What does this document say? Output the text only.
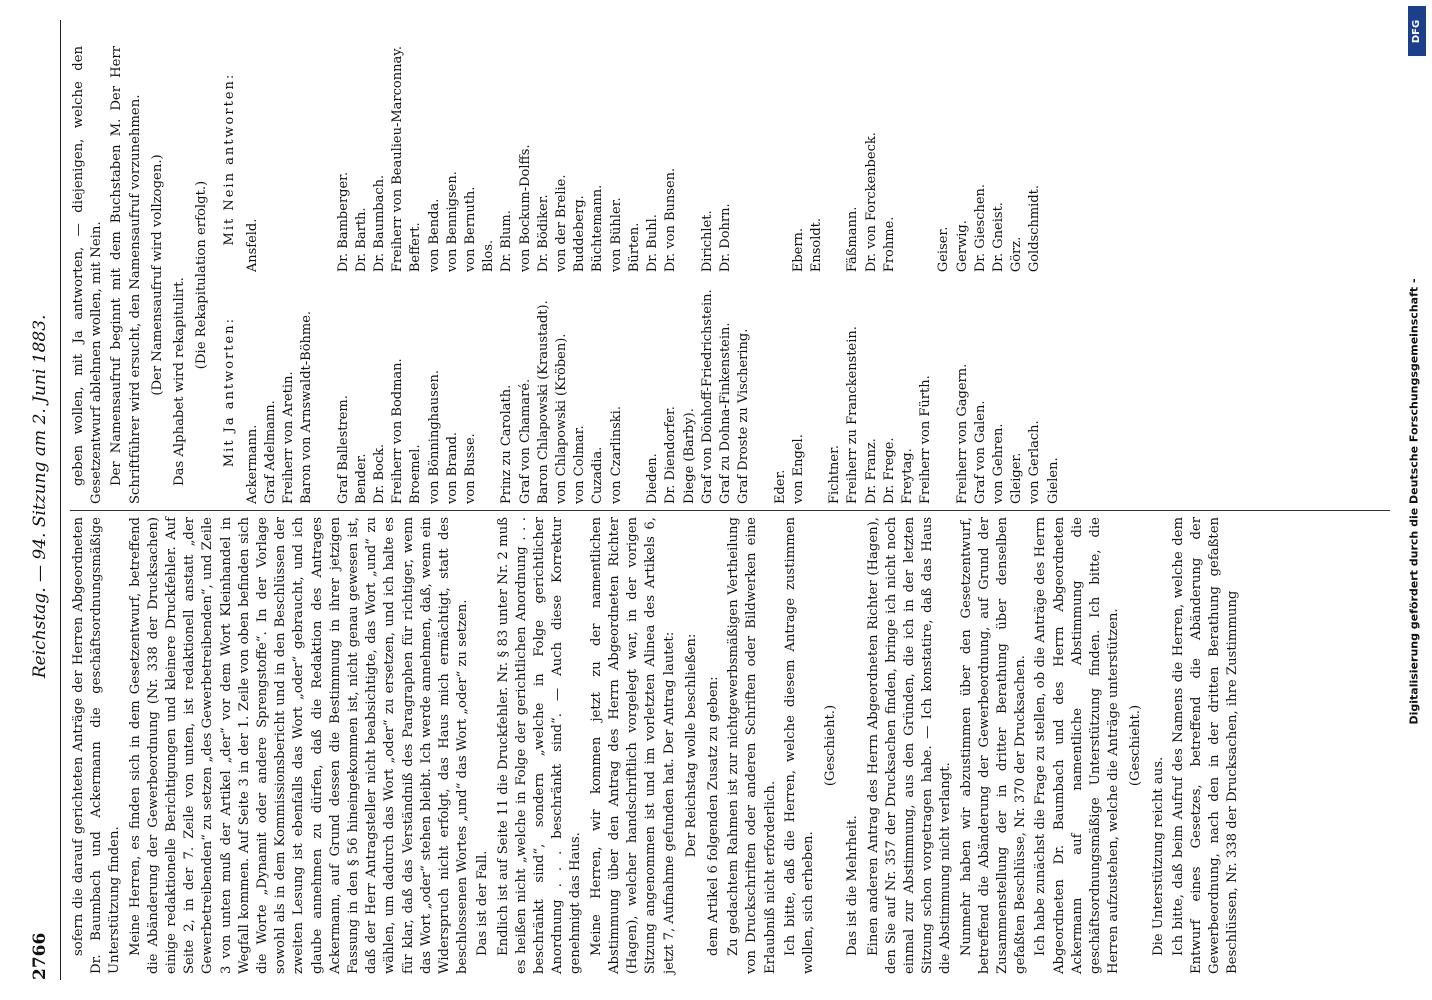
2766
Reichstag. — 94. Sitzung am 2. Juni 1883.

sofern die darauf gerichteten Anträge der Herren Abgeordneten Dr. Baumbach und Ackermann die geschäftsordnungsmäßige Unterstützung finden. Meine Herren, es finden sich in dem Gesetzentwurf, betreffend die Abänderung der Gewerbeordnung (Nr. 338 der Drucksachen) einige redaktionelle Berichtigungen und kleinere Druckfehler. Auf Seite 2, in der 7. Zeile von unten, ist redaktionell anstatt „der Gewerbetreibenden“ zu setzen „des Gewerbetreibenden“, und Zeile 3 von unten muß der Artikel „der“ vor dem Wort Kleinhandel in Wegfall kommen. Auf Seite 3 in der 1. Zeile von oben befinden sich die Worte „Dynamit oder andere Sprengstoffe“. In der Vorlage sowohl als in dem Kommissionsbericht und in den Beschlüssen der zweiten Lesung ist ebenfalls das Wort „oder“ gebraucht, und ich glaube annehmen zu dürfen, daß die Redaktion des Antrages Ackermann, auf Grund dessen die Bestimmung in ihrer jetzigen Fassung in den § 56 hineingekommen ist, nicht genau gewesen ist, daß der Herr Antragsteller nicht beabsichtigte, das Wort „und“ zu wählen, um dadurch das Wort „oder“ zu ersetzen, und ich halte es für klar, daß das Verständniß des Paragraphen für richtiger, wenn das Wort „oder“ stehen bleibt. Ich werde annehmen, daß, wenn ein Widerspruch nicht erfolgt, das Haus mich ermächtigt, statt des beschlossenen Wortes „und“ das Wort „oder“ zu setzen. Das ist der Fall. Endlich ist auf Seite 11 die Druckfehler. Nr. § 83 unter Nr. 2 muß es heißen nicht „welche in Folge der gerichtlichen Anordnung . . . beschränkt sind“, sondern „welche in Folge gerichtlicher Anordnung . . . beschränkt sind“. — Auch diese Korrektur genehmigt das Haus. Meine Herren, wir kommen jetzt zu der namentlichen Abstimmung über den Antrag des Herrn Abgeordneten Richter (Hagen), welcher handschriftlich vorgelegt war, in der vorigen Sitzung angenommen ist und im vorletzten Alinea des Artikels 6, jetzt 7, Aufnahme gefunden hat. Der Antrag lautet: Der Reichstag wolle beschließen: dem Artikel 6 folgenden Zusatz zu geben: Zu gedachtem Rahmen ist zur nichtgewerbsmäßigen Vertheilung von Druckschriften oder anderen Schriften oder Bildwerken eine Erlaubniß nicht erforderlich. Ich bitte, daß die Herren, welche diesem Antrage zustimmen wollen, sich erheben.

(Geschieht.)

Das ist die Mehrheit. Einen anderen Antrag des Herrn Abgeordneten Richter (Hagen), den Sie auf Nr. 357 der Drucksachen finden, bringe ich nicht noch einmal zur Abstimmung, aus den Gründen, die ich in der letzten Sitzung schon vorgetragen habe. — Ich konstatire, daß das Haus die Abstimmung nicht verlangt. Nunmehr haben wir abzustimmen über den Gesetzentwurf, betreffend die Abänderung der Gewerbeordnung, auf Grund der Zusammenstellung der in dritter Berathung über denselben gefaßten Beschlüsse, Nr. 370 der Drucksachen. Ich habe zunächst die Frage zu stellen, ob die Anträge des Herrn Abgeordneten Dr. Baumbach und des Herrn Abgeordneten Ackermann auf namentliche Abstimmung die geschäftsordnungsmäßige Unterstützung finden. Ich bitte, die Herren aufzustehen, welche die Anträge unterstützen. (Geschieht.)

Die Unterstützung reicht aus. Ich bitte, daß beim Aufruf des Namens die Herren, welche dem Entwurf eines Gesetzes, betreffend die Abänderung der Gewerbeordnung, nach den in der dritten Berathung gefaßten Beschlüssen, Nr. 338 der Drucksachen, ihre Zustimmung

geben wollen, mit Ja antworten, — diejenigen, welche den Gesetzentwurf ablehnen wollen, mit Nein. Der Namensaufruf beginnt mit dem Buchstaben M. Der Herr Schriftführer wird ersucht, den Namensaufruf vorzunehmen. (Der Namensaufruf wird vollzogen.) Das Alphabet wird rekapitulirt.

(Die Rekapitulation erfolgt.)

Mit Ja antworten: Ackermann. Graf Adelmann. Freiherr von Aretin. Baron von Arnswaldt-Böhme.
Graf Ballestrem. Bender. Dr. Bock. Freiherr von Bodman. Broemel. von Bönninghausen. von Brand. von Busse.
Prinz zu Carolath. Graf von Chamaré. Baron Chlapowski (Kraustadt). von Chlapowski (Kröben). von Colmar. Cuzadia. von Czarlinski.
Dieden. Dr. Diendorfer. Diege (Barby). Graf von Dönhoff-Friedrichstein. Graf zu Dohna-Finkenstein. Graf Droste zu Vischering.
Eder. von Engel.
Fichtner. Freiherr zu Franckenstein. Dr. Franz. Dr. Frege. Freytag. Freiherr von Fürth.
Freiherr von Gagern. Graf von Galen. von Gehren. Gleiger. von Gerlach. Gielen.
Mit Nein antworten: Ansfeld.

	Dr. Bamberger. Dr. Barth. Dr. Baumbach. Freiherr von Beaulieu-Marconnay. Beffert. von Benda. von Bennigsen. von Bernuth. Blos. Dr. Blum. von Bockum-Dolffs. Dr. Bödiker. von der Brelie. Buddeberg. Büchtemann. von Bühler. Bürten. Dr. Buhl. Dr. von Bunsen.
Dirichlet. Dr. Dohrn.

	Ebern. Ensoldt.
Fäßmann. Dr. von Forckenbeck. Frohme.

	Geiser. Gerwig. Dr. Gieschen. Dr. Gneist. Görz. Goldschmidt.
Digitalisierung gefördert durch die Deutsche Forschungsgemeinschaft -
DFG
